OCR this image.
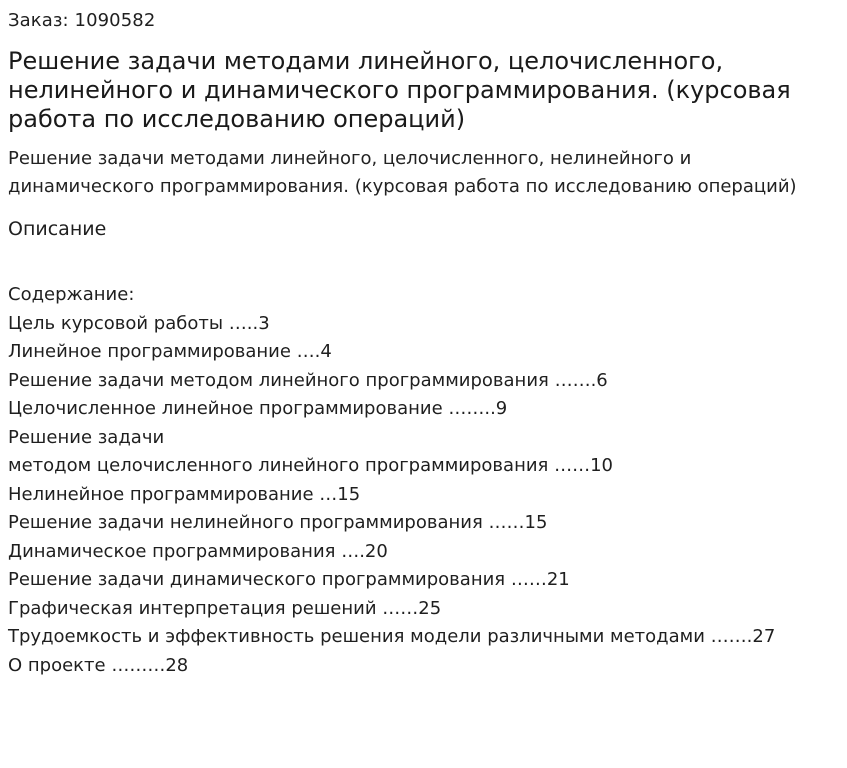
Заказ: 1090582

Решение задачи методами линейного, целочисленного, нелинейного и динамического программирования. (курсовая работа по исследованию операций)

Решение задачи методами линейного, целочисленного, нелинейного и динамического программирования. (курсовая работа по исследованию операций)

Описание
Содержание:
Цель курсовой работы …..3
Линейное программирование ….4
Решение задачи методом линейного программирования …….6
Целочисленное линейное программирование ……..9
Решение задачи
методом целочисленного линейного программирования ……10
Нелинейное программирование …15
Решение задачи нелинейного программирования ……15
Динамическое программирования ….20
Решение задачи динамического программирования ……21
Графическая интерпретация решений ……25
Трудоемкость и эффективность решения модели различными методами …….27
О проекте ………28
